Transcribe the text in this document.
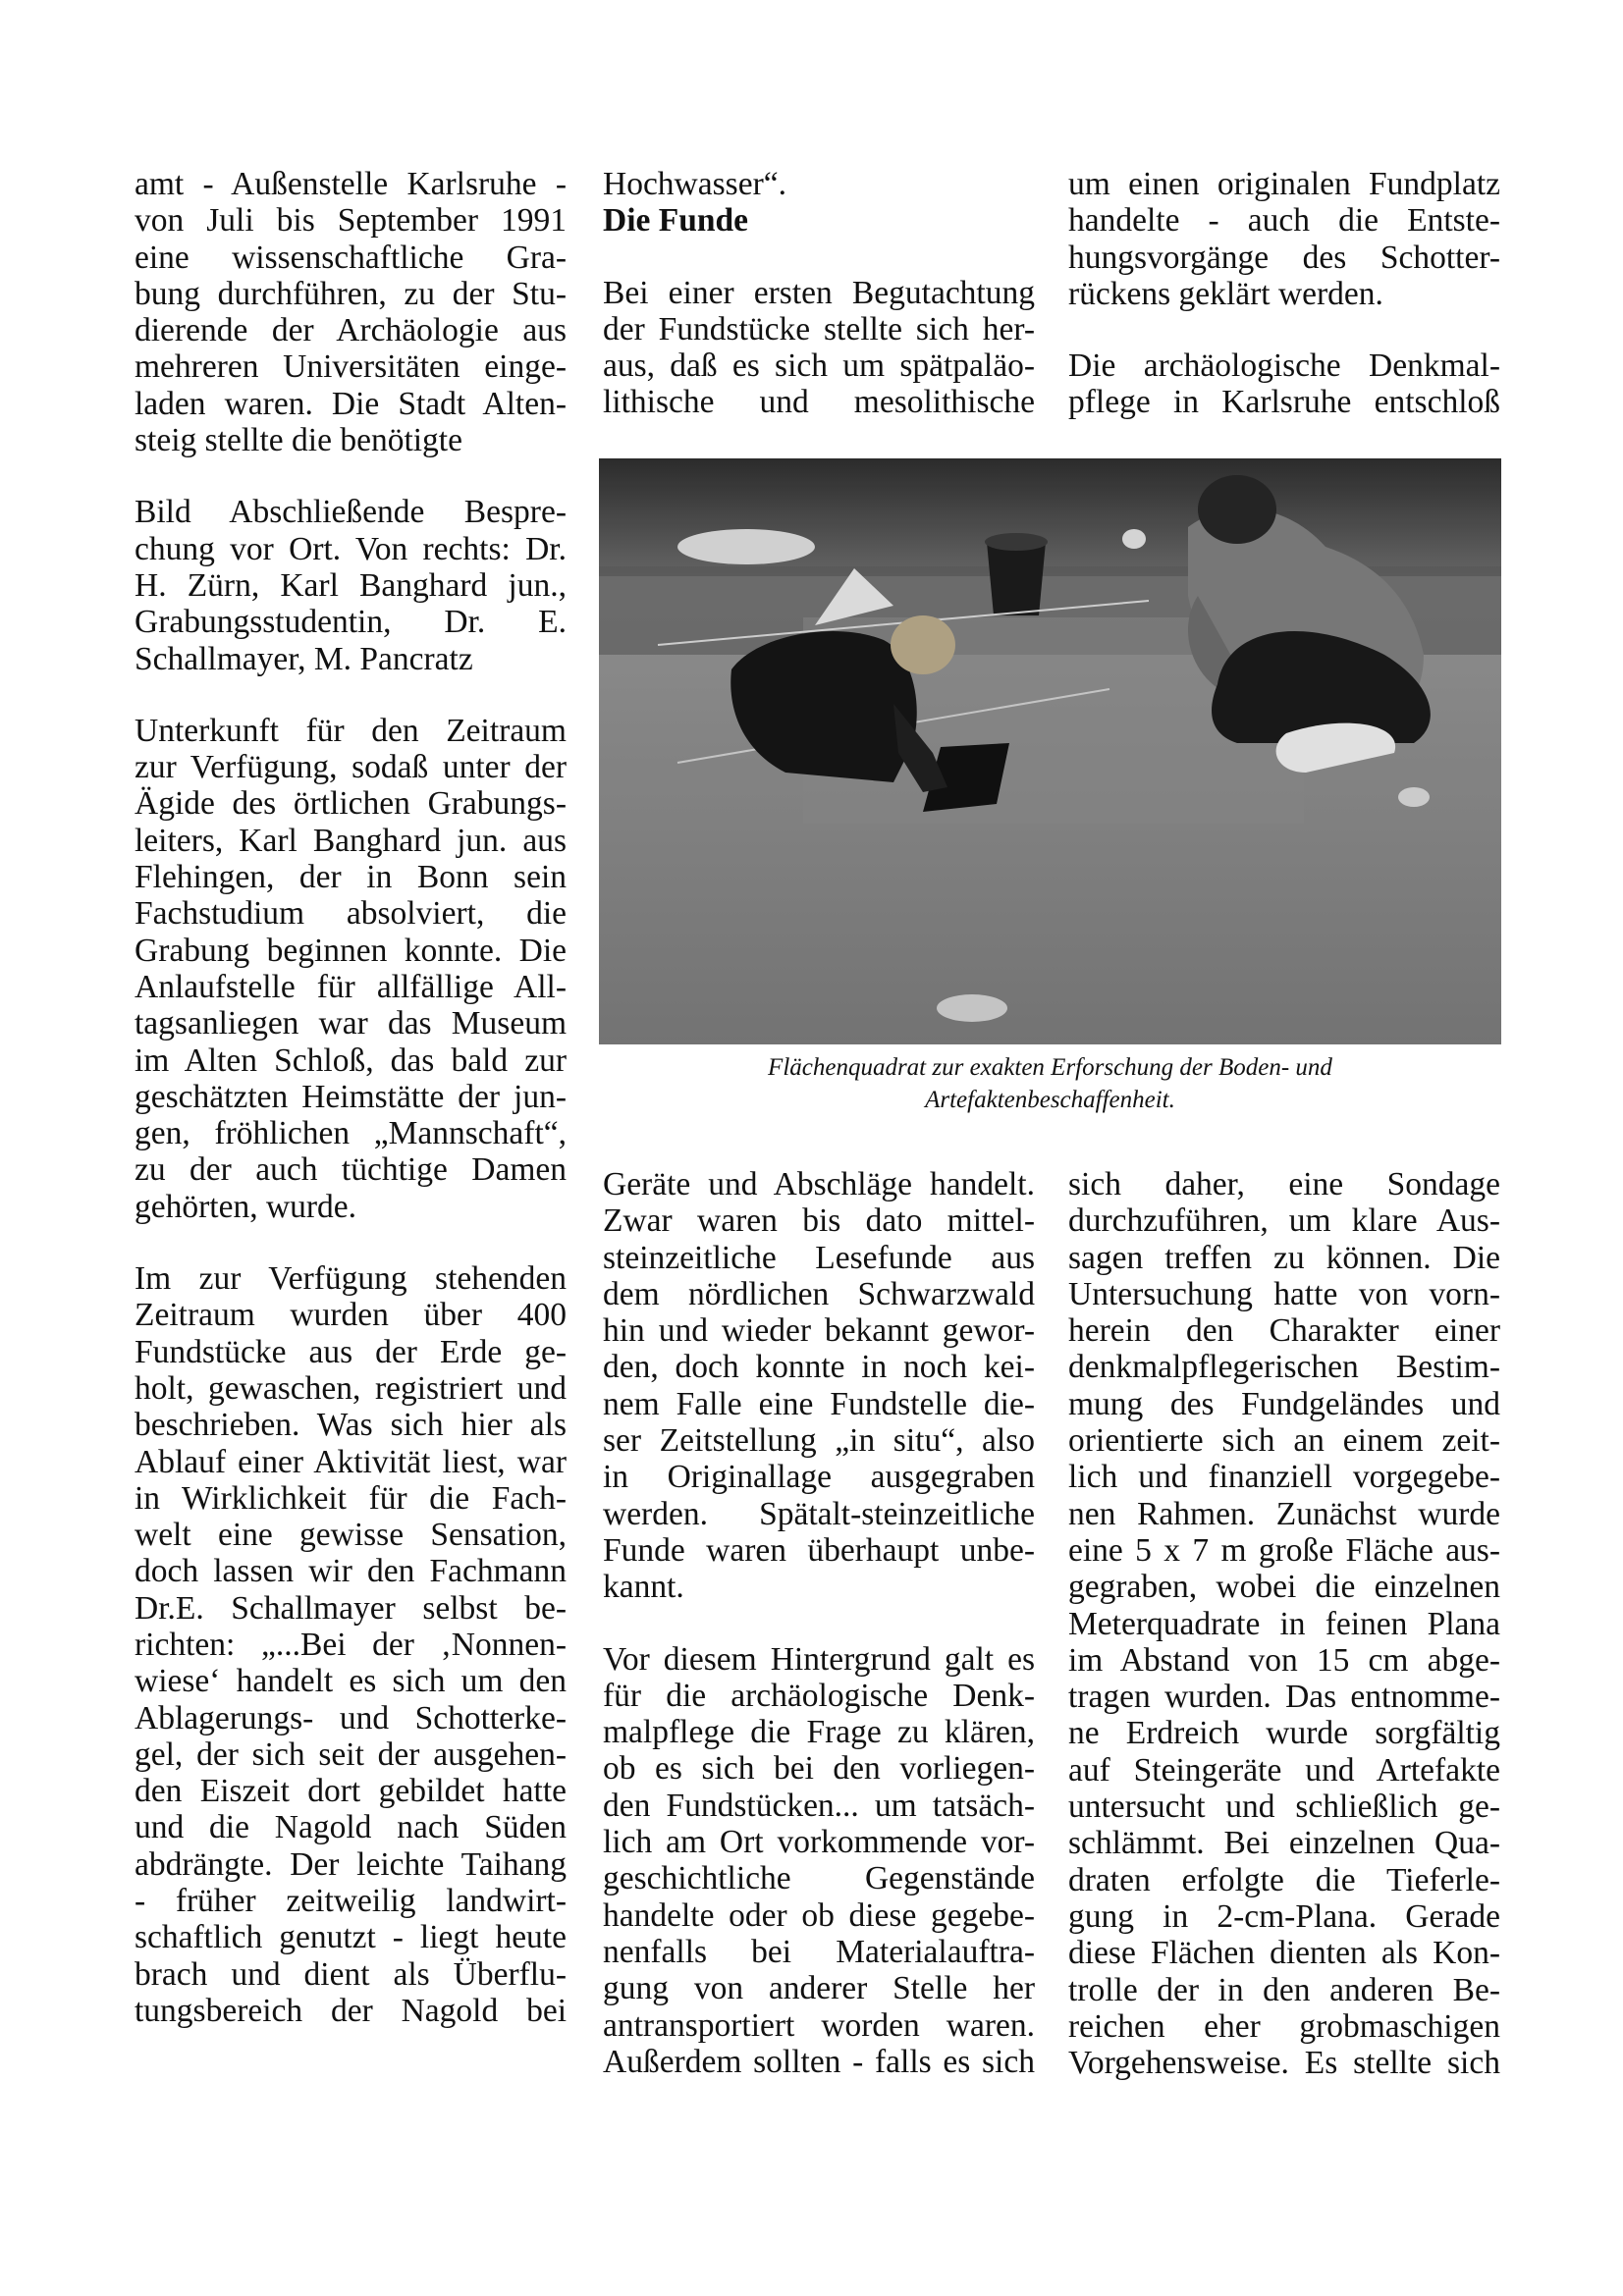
amt - Außenstelle Karlsruhe -

von Juli bis September 1991

eine wissenschaftliche Gra-

bung durchführen, zu der Stu-

dierende der Archäologie aus

mehreren Universitäten einge-

laden waren. Die Stadt Alten-

steig stellte die benötigte

Bild Abschließende Bespre-

chung vor Ort. Von rechts: Dr.

H. Zürn, Karl Banghard jun.,

Grabungsstudentin, Dr. E.

Schallmayer, M. Pancratz

Unterkunft für den Zeitraum

zur Verfügung, sodaß unter der

Ägide des örtlichen Grabungs-

leiters, Karl Banghard jun. aus

Flehingen, der in Bonn sein

Fachstudium absolviert, die

Grabung beginnen konnte. Die

Anlaufstelle für allfällige All-

tagsanliegen war das Museum

im Alten Schloß, das bald zur

geschätzten Heimstätte der jun-

gen, fröhlichen „Mannschaft“,

zu der auch tüchtige Damen

gehörten, wurde.

Im zur Verfügung stehenden

Zeitraum wurden über 400

Fundstücke aus der Erde ge-

holt, gewaschen, registriert und

beschrieben. Was sich hier als

Ablauf einer Aktivität liest, war

in Wirklichkeit für die Fach-

welt eine gewisse Sensation,

doch lassen wir den Fachmann

Dr.E. Schallmayer selbst be-

richten: „...Bei der ‚Nonnen-

wiese‘ handelt es sich um den

Ablagerungs- und Schotterke-

gel, der sich seit der ausgehen-

den Eiszeit dort gebildet hatte

und die Nagold nach Süden

abdrängte. Der leichte Taihang

- früher zeitweilig landwirt-

schaftlich genutzt - liegt heute

brach und dient als Überflu-

tungsbereich der Nagold bei

Hochwasser“.

Die Funde

Bei einer ersten Begutachtung

der Fundstücke stellte sich her-

aus, daß es sich um spätpaläo-

lithische und mesolithische

um einen originalen Fundplatz

handelte - auch die Entste-

hungsvorgänge des Schotter-

rückens geklärt werden.

Die archäologische Denkmal-

pflege in Karlsruhe entschloß

Flächenquadrat zur exakten Erforschung der Boden- und
Artefaktenbeschaffenheit.

Geräte und Abschläge handelt.

Zwar waren bis dato mittel-

steinzeitliche Lesefunde aus

dem nördlichen Schwarzwald

hin und wieder bekannt gewor-

den, doch konnte in noch kei-

nem Falle eine Fundstelle die-

ser Zeitstellung „in situ“, also

in Originallage ausgegraben

werden. Spätalt-steinzeitliche

Funde waren überhaupt unbe-

kannt.

Vor diesem Hintergrund galt es

für die archäologische Denk-

malpflege die Frage zu klären,

ob es sich bei den vorliegen-

den Fundstücken... um tatsäch-

lich am Ort vorkommende vor-

geschichtliche Gegenstände

handelte oder ob diese gegebe-

nenfalls bei Materialauftra-

gung von anderer Stelle her

antransportiert worden waren.

Außerdem sollten - falls es sich

sich daher, eine Sondage

durchzuführen, um klare Aus-

sagen treffen zu können. Die

Untersuchung hatte von vorn-

herein den Charakter einer

denkmalpflegerischen Bestim-

mung des Fundgeländes und

orientierte sich an einem zeit-

lich und finanziell vorgegebe-

nen Rahmen. Zunächst wurde

eine 5 x 7 m große Fläche aus-

gegraben, wobei die einzelnen

Meterquadrate in feinen Plana

im Abstand von 15 cm abge-

tragen wurden. Das entnomme-

ne Erdreich wurde sorgfältig

auf Steingeräte und Artefakte

untersucht und schließlich ge-

schlämmt. Bei einzelnen Qua-

draten erfolgte die Tieferle-

gung in 2-cm-Plana. Gerade

diese Flächen dienten als Kon-

trolle der in den anderen Be-

reichen eher grobmaschigen

Vorgehensweise. Es stellte sich
